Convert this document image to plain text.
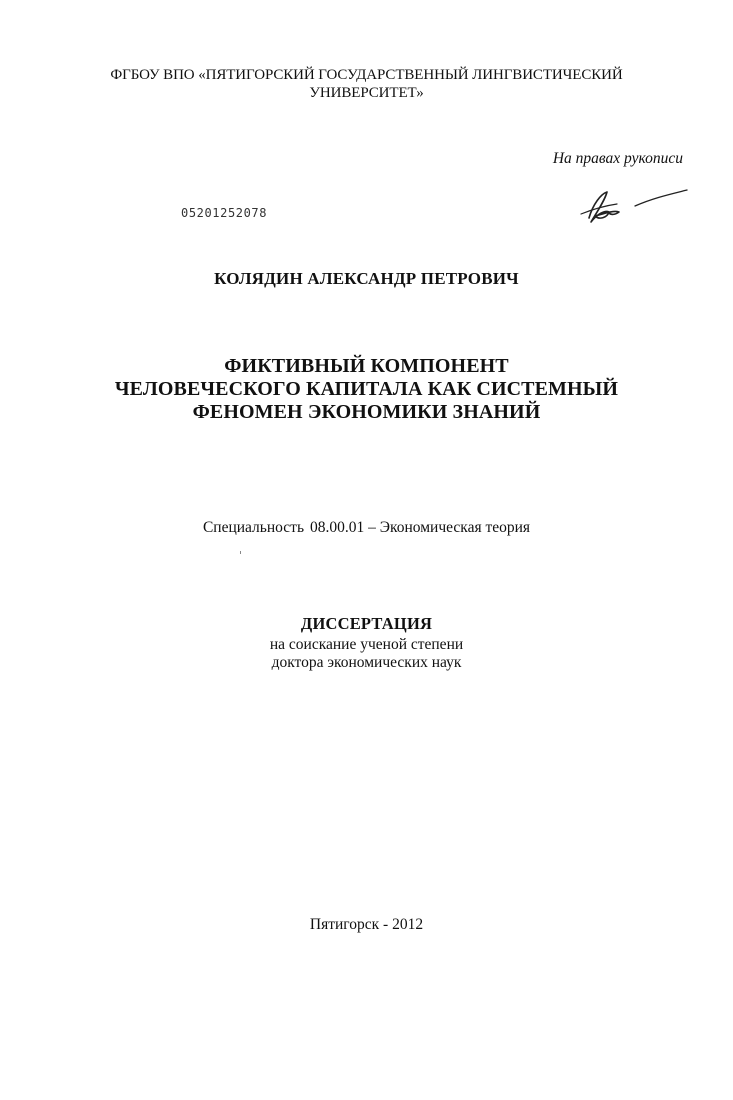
ФГБОУ ВПО «ПЯТИГОРСКИЙ ГОСУДАРСТВЕННЫЙ ЛИНГВИСТИЧЕСКИЙ
УНИВЕРСИТЕТ»
На правах рукописи
05201252078
КОЛЯДИН АЛЕКСАНДР ПЕТРОВИЧ
ФИКТИВНЫЙ КОМПОНЕНТ
ЧЕЛОВЕЧЕСКОГО КАПИТАЛА КАК СИСТЕМНЫЙ
ФЕНОМЕН ЭКОНОМИКИ ЗНАНИЙ
Специальность 08.00.01 – Экономическая теория
ДИССЕРТАЦИЯ
на соискание ученой степени
доктора экономических наук
Пятигорск - 2012
